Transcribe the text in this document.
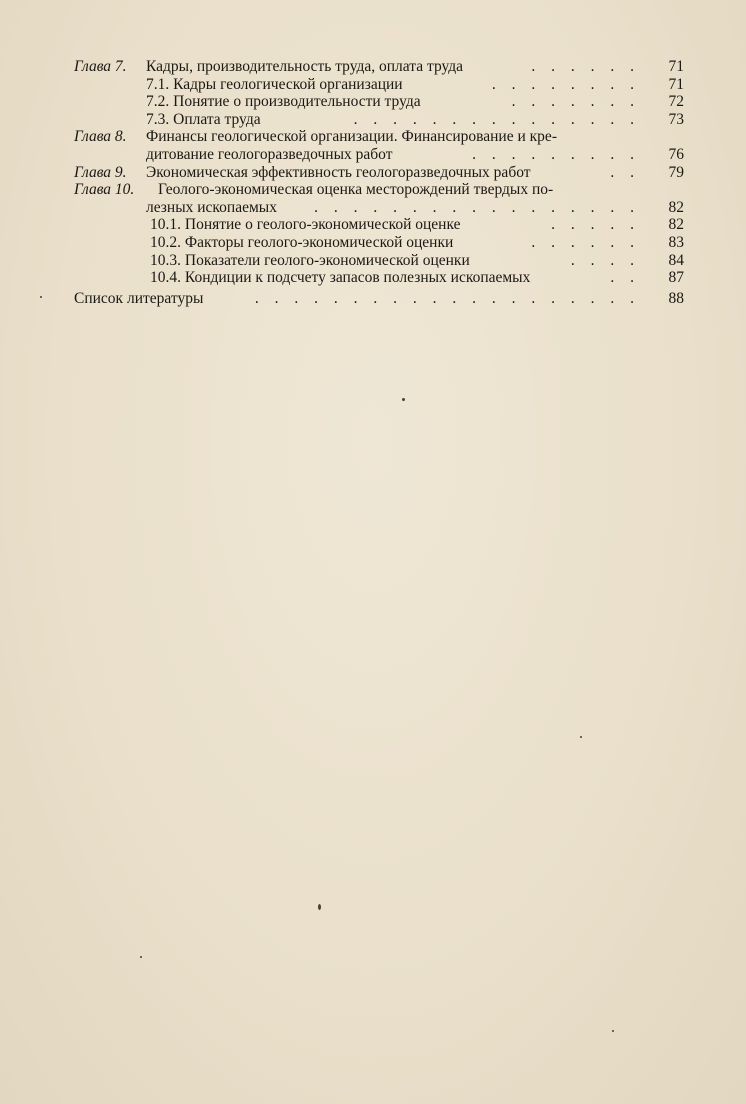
Глава 7. Кадры, производительность труда, оплата труда	. . . . . .	71
7.1. Кадры геологической организации	. . . . . . . .	71
7.2. Понятие о производительности труда	. . . . . . .	72
7.3. Оплата труда	. . . . . . . . . . . . . . .	73
Глава 8. Финансы геологической организации. Финансирование и кре-
дитование геологоразведочных работ	. . . . . . . . .	76
Глава 9. Экономическая эффективность геологоразведочных работ	. .	79
Глава 10. Геолого-экономическая оценка месторождений твердых по-
лезных ископаемых . . . . . . . . . . . . . . . . .	82
10.1. Понятие о геолого-экономической оценке	. . . . .	82
10.2. Факторы геолого-экономической оценки	. . . . . .	83
10.3. Показатели геолого-экономической оценки	. . . .	84
10.4. Кондиции к подсчету запасов полезных ископаемых	. .	87
Список литературы	. . . . . . . . . . . . . . . . . . . .	88
